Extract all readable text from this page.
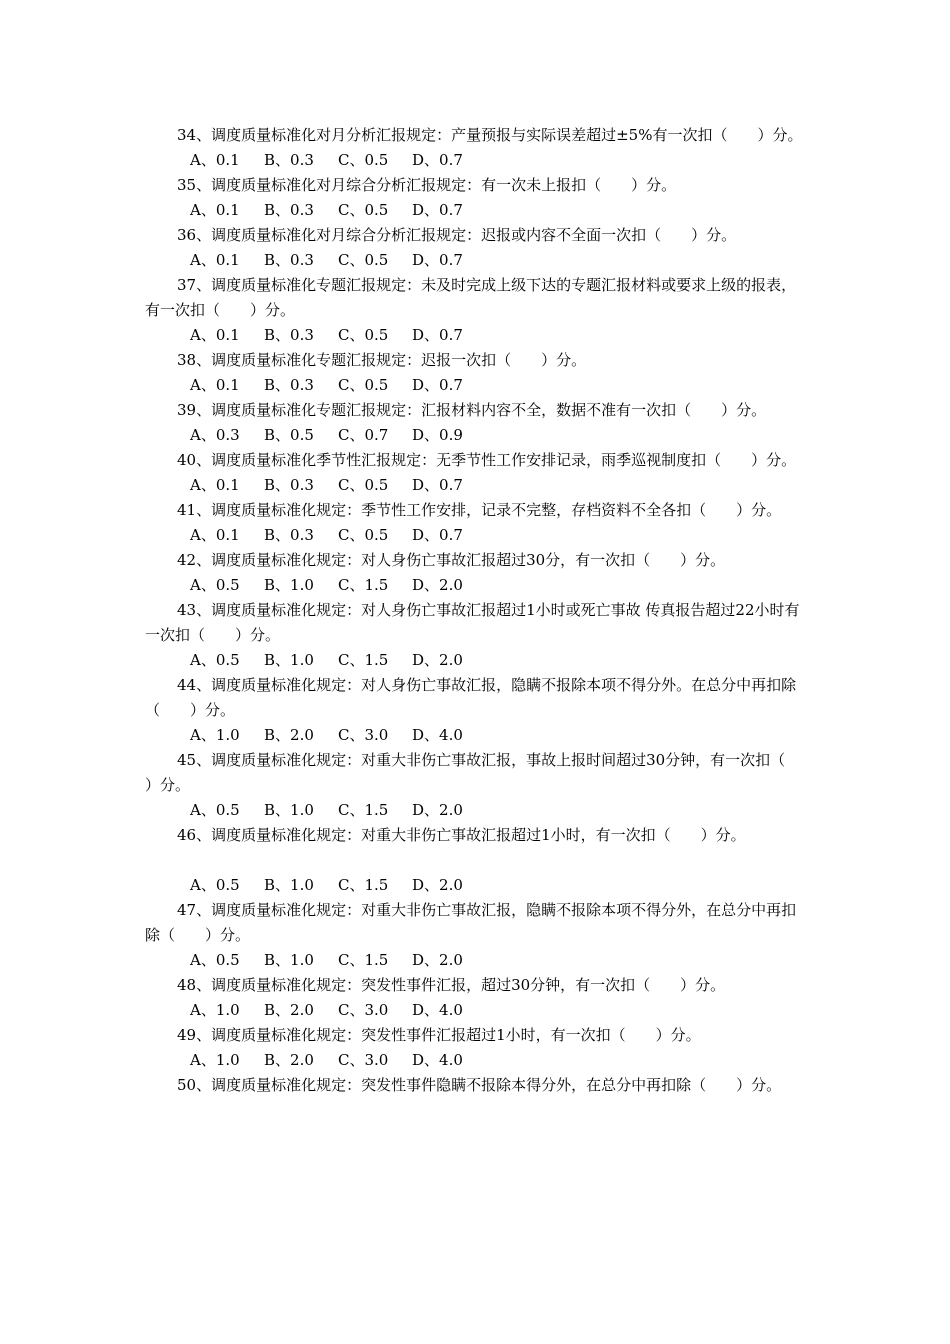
34、调度质量标准化对月分析汇报规定：产量预报与实际误差超过±5%有一次扣（　　）分。

A、0.1 B、0.3 C、0.5 D、0.7

35、调度质量标准化对月综合分析汇报规定：有一次未上报扣（　　）分。

A、0.1 B、0.3 C、0.5 D、0.7

36、调度质量标准化对月综合分析汇报规定：迟报或内容不全面一次扣（　　）分。

A、0.1 B、0.3 C、0.5 D、0.7

37、调度质量标准化专题汇报规定：未及时完成上级下达的专题汇报材料或要求上级的报表，有一次扣（　　）分。

A、0.1 B、0.3 C、0.5 D、0.7

38、调度质量标准化专题汇报规定：迟报一次扣（　　）分。

A、0.1 B、0.3 C、0.5 D、0.7

39、调度质量标准化专题汇报规定：汇报材料内容不全，数据不准有一次扣（　　）分。

A、0.3 B、0.5 C、0.7 D、0.9

40、调度质量标准化季节性汇报规定：无季节性工作安排记录，雨季巡视制度扣（　　）分。

A、0.1 B、0.3 C、0.5 D、0.7

41、调度质量标准化规定：季节性工作安排，记录不完整，存档资料不全各扣（　　）分。

A、0.1 B、0.3 C、0.5 D、0.7

42、调度质量标准化规定：对人身伤亡事故汇报超过30分，有一次扣（　　）分。

A、0.5 B、1.0 C、1.5 D、2.0

43、调度质量标准化规定：对人身伤亡事故汇报超过1小时或死亡事故 传真报告超过22小时有一次扣（　　）分。

A、0.5 B、1.0 C、1.5 D、2.0

44、调度质量标准化规定：对人身伤亡事故汇报，隐瞒不报除本项不得分外。在总分中再扣除（　　）分。

A、1.0 B、2.0 C、3.0 D、4.0

45、调度质量标准化规定：对重大非伤亡事故汇报，事故上报时间超过30分钟，有一次扣（　　）分。

A、0.5 B、1.0 C、1.5 D、2.0

46、调度质量标准化规定：对重大非伤亡事故汇报超过1小时，有一次扣（　　）分。

A、0.5 B、1.0 C、1.5 D、2.0

47、调度质量标准化规定：对重大非伤亡事故汇报，隐瞒不报除本项不得分外，在总分中再扣除（　　）分。

A、0.5 B、1.0 C、1.5 D、2.0

48、调度质量标准化规定：突发性事件汇报，超过30分钟，有一次扣（　　）分。

A、1.0 B、2.0 C、3.0 D、4.0

49、调度质量标准化规定：突发性事件汇报超过1小时，有一次扣（　　）分。

A、1.0 B、2.0 C、3.0 D、4.0

50、调度质量标准化规定：突发性事件隐瞒不报除本得分外，在总分中再扣除（　　）分。
